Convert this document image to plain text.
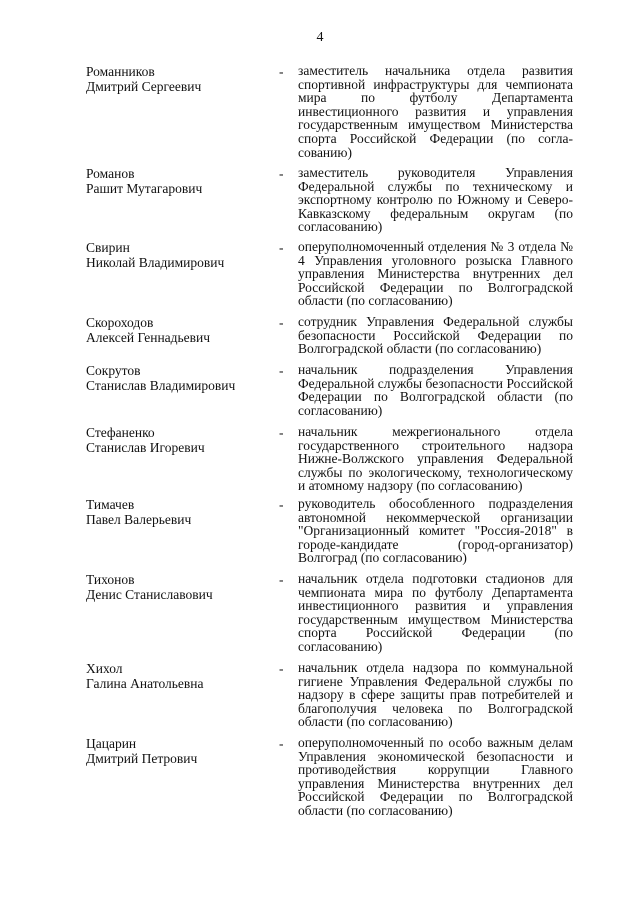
4
Романников
Дмитрий Сергеевич
- заместитель начальника отдела развития спортивной инфраструктуры для чемпионата мира по футболу Департамента инвестиционного развития и управления государственным имуществом Министерства спорта Российской Федерации (по согласованию)
Романов
Рашит Мутагарович
- заместитель руководителя Управления Федеральной службы по техническому и экспортному контролю по Южному и Северо-Кавказскому федеральным округам (по согласованию)
Свирин
Николай Владимирович
- оперуполномоченный отделения № 3 отдела № 4 Управления уголовного розыска Главного управления Министерства внутренних дел Российской Федерации по Волгоградской области (по согласованию)
Скороходов
Алексей Геннадьевич
- сотрудник Управления Федеральной службы безопасности Российской Федерации по Волгоградской области (по согласованию)
Сокрутов
Станислав Владимирович
- начальник подразделения Управления Федеральной службы безопасности Российской Федерации по Волгоградской области (по согласованию)
Стефаненко
Станислав Игоревич
- начальник межрегионального отдела государственного строительного надзора Нижне-Волжского управления Федеральной службы по экологическому, технологическому и атомному надзору (по согласованию)
Тимачев
Павел Валерьевич
- руководитель обособленного подразделения автономной некоммерческой организации "Организационный комитет "Россия-2018" в городе-кандидате (город-организатор) Волгоград (по согласованию)
Тихонов
Денис Станиславович
- начальник отдела подготовки стадионов для чемпионата мира по футболу Департамента инвестиционного развития и управления государственным имуществом Министерства спорта Российской Федерации (по согласованию)
Хихол
Галина Анатольевна
- начальник отдела надзора по коммунальной гигиене Управления Федеральной службы по надзору в сфере защиты прав потребителей и благополучия человека по Волгоградской области (по согласованию)
Цацарин
Дмитрий Петрович
- оперуполномоченный по особо важным делам Управления экономической безопасности и противодействия коррупции Главного управления Министерства внутренних дел Российской Федерации по Волгоградской области (по согласованию)
